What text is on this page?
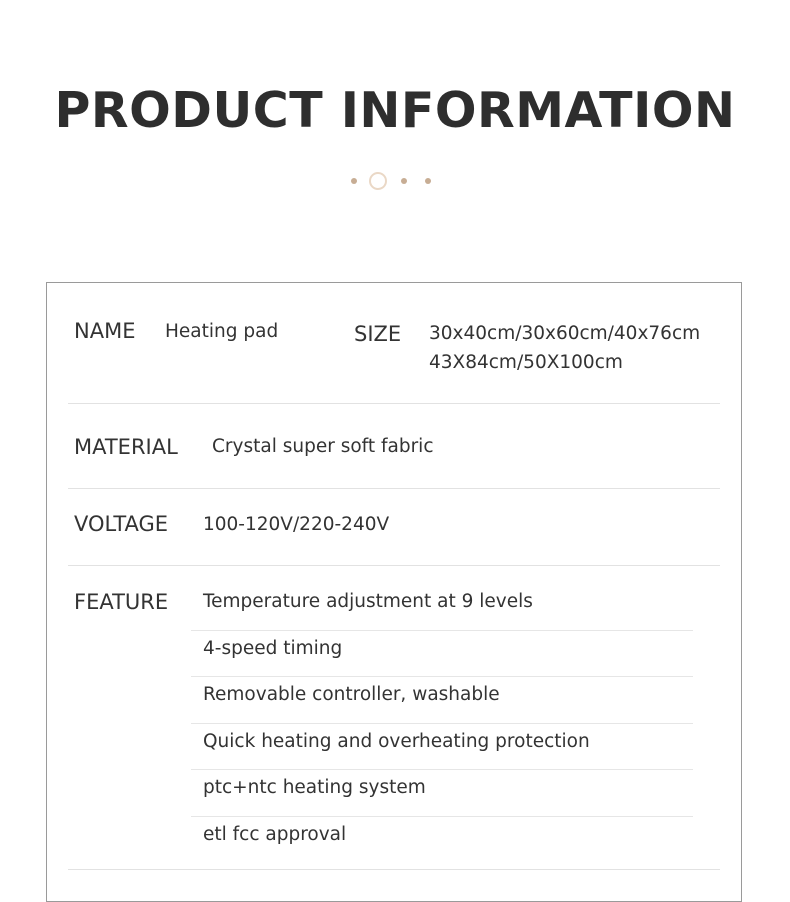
PRODUCT INFORMATION
NAME Heating pad	SIZE 30x40cm/30x60cm/40x76cm
43X84cm/50X100cm
MATERIAL Crystal super soft fabric
VOLTAGE 100-120V/220-240V
FEATURE Temperature adjustment at 9 levels
4-speed timing
Removable controller, washable
Quick heating and overheating protection
ptc+ntc heating system
etl fcc approval
